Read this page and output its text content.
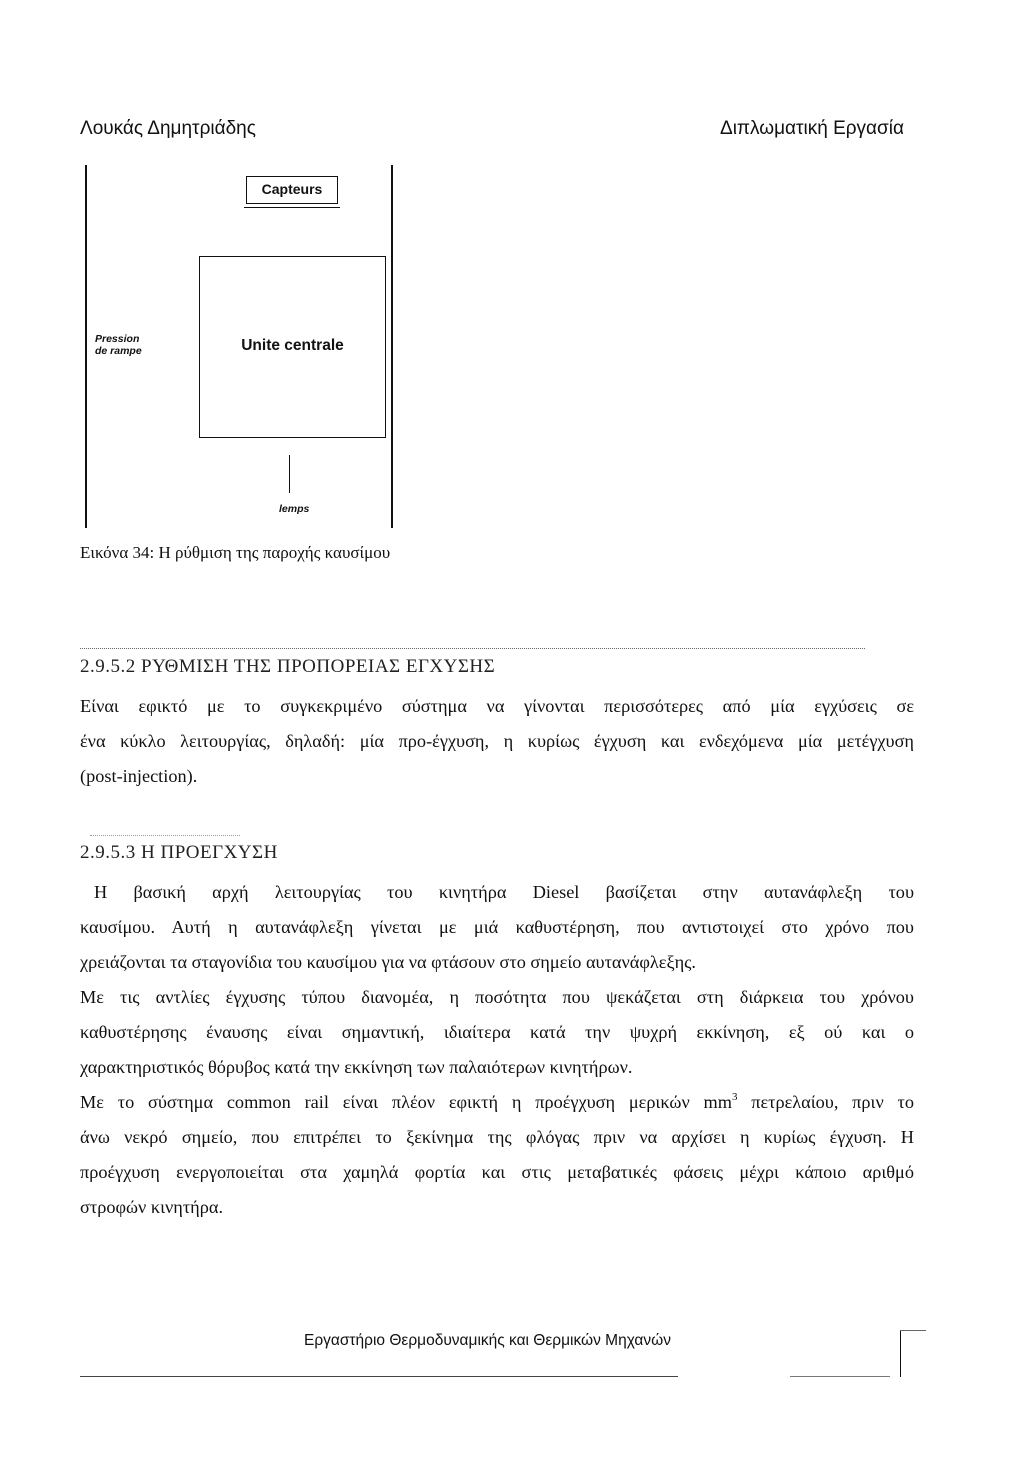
Λουκάς Δημητριάδης	Διπλωματική Εργασία
Capteurs
Unite centrale
Pression
de rampe
lemps
Εικόνα 34: Η ρύθμιση της παροχής καυσίμου
2.9.5.2 ΡΥΘΜΙΣΗ ΤΗΣ ΠΡΟΠΟΡΕΙΑΣ ΕΓΧΥΣΗΣ
Είναι εφικτό με το συγκεκριμένο σύστημα να γίνονται περισσότερες από μία εγχύσεις σε
ένα κύκλο λειτουργίας, δηλαδή: μία προ-έγχυση, η κυρίως έγχυση και ενδεχόμενα μία μετέγχυση
(post-injection).
2.9.5.3 Η ΠΡΟΕΓΧΥΣΗ
Η βασική αρχή λειτουργίας του κινητήρα Diesel βασίζεται στην αυτανάφλεξη του
καυσίμου. Αυτή η αυτανάφλεξη γίνεται με μιά καθυστέρηση, που αντιστοιχεί στο χρόνο που
χρειάζονται τα σταγονίδια του καυσίμου για να φτάσουν στο σημείο αυτανάφλεξης.
Με τις αντλίες έγχυσης τύπου διανομέα, η ποσότητα που ψεκάζεται στη διάρκεια του χρόνου
καθυστέρησης έναυσης είναι σημαντική, ιδιαίτερα κατά την ψυχρή εκκίνηση, εξ ού και ο
χαρακτηριστικός θόρυβος κατά την εκκίνηση των παλαιότερων κινητήρων.
Με το σύστημα common rail είναι πλέον εφικτή η προέγχυση μερικών $mm^3$ πετρελαίου, πριν το
άνω νεκρό σημείο, που επιτρέπει το ξεκίνημα της φλόγας πριν να αρχίσει η κυρίως έγχυση. Η
προέγχυση ενεργοποιείται στα χαμηλά φορτία και στις μεταβατικές φάσεις μέχρι κάποιο αριθμό
στροφών κινητήρα.
Εργαστήριο Θερμοδυναμικής και Θερμικών Μηχανών
